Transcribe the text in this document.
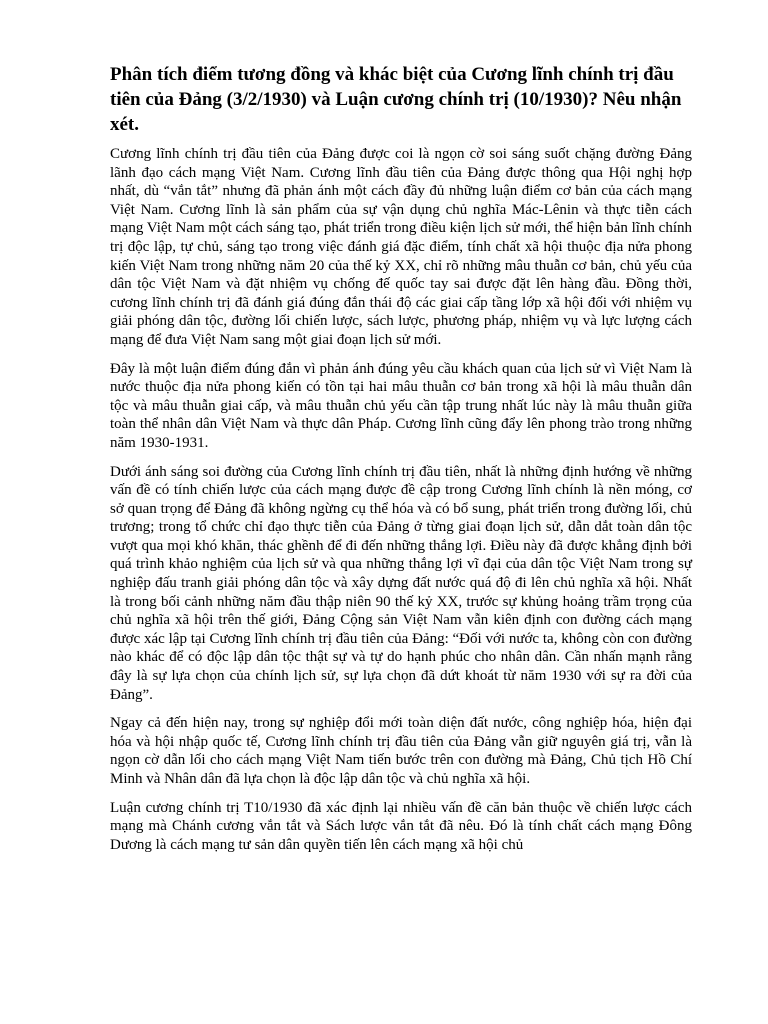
Phân tích điểm tương đồng và khác biệt của Cương lĩnh chính trị đầu tiên của Đảng (3/2/1930) và Luận cương chính trị (10/1930)? Nêu nhận xét.

Cương lĩnh chính trị đầu tiên của Đảng được coi là ngọn cờ soi sáng suốt chặng đường Đảng lãnh đạo cách mạng Việt Nam. Cương lĩnh đầu tiên của Đảng được thông qua Hội nghị hợp nhất, dù “vắn tắt” nhưng đã phản ánh một cách đầy đủ những luận điểm cơ bản của cách mạng Việt Nam. Cương lĩnh là sản phẩm của sự vận dụng chủ nghĩa Mác-Lênin và thực tiễn cách mạng Việt Nam một cách sáng tạo, phát triển trong điều kiện lịch sử mới, thể hiện bản lĩnh chính trị độc lập, tự chủ, sáng tạo trong việc đánh giá đặc điểm, tính chất xã hội thuộc địa nửa phong kiến Việt Nam trong những năm 20 của thế kỷ XX, chỉ rõ những mâu thuẫn cơ bản, chủ yếu của dân tộc Việt Nam và đặt nhiệm vụ chống đế quốc tay sai được đặt lên hàng đầu. Đồng thời, cương lĩnh chính trị đã đánh giá đúng đắn thái độ các giai cấp tầng lớp xã hội đối với nhiệm vụ giải phóng dân tộc, đường lối chiến lược, sách lược, phương pháp, nhiệm vụ và lực lượng cách mạng để đưa Việt Nam sang một giai đoạn lịch sử mới.

Đây là một luận điểm đúng đắn vì phản ánh đúng yêu cầu khách quan của lịch sử vì Việt Nam là nước thuộc địa nửa phong kiến có tồn tại hai mâu thuẫn cơ bản trong xã hội là mâu thuẫn dân tộc và mâu thuẫn giai cấp, và mâu thuẫn chủ yếu cần tập trung nhất lúc này là mâu thuẫn giữa toàn thể nhân dân Việt Nam và thực dân Pháp. Cương lĩnh cũng đẩy lên phong trào trong những năm 1930-1931.

Dưới ánh sáng soi đường của Cương lĩnh chính trị đầu tiên, nhất là những định hướng về những vấn đề có tính chiến lược của cách mạng được đề cập trong Cương lĩnh chính là nền móng, cơ sở quan trọng để Đảng đã không ngừng cụ thể hóa và có bổ sung, phát triển trong đường lối, chủ trương; trong tổ chức chỉ đạo thực tiễn của Đảng ở từng giai đoạn lịch sử, dẫn dắt toàn dân tộc vượt qua mọi khó khăn, thác ghềnh để đi đến những thắng lợi. Điều này đã được khẳng định bởi quá trình khảo nghiệm của lịch sử và qua những thắng lợi vĩ đại của dân tộc Việt Nam trong sự nghiệp đấu tranh giải phóng dân tộc và xây dựng đất nước quá độ đi lên chủ nghĩa xã hội. Nhất là trong bối cảnh những năm đầu thập niên 90 thế kỷ XX, trước sự khủng hoảng trầm trọng của chủ nghĩa xã hội trên thế giới, Đảng Cộng sản Việt Nam vẫn kiên định con đường cách mạng được xác lập tại Cương lĩnh chính trị đầu tiên của Đảng: “Đối với nước ta, không còn con đường nào khác để có độc lập dân tộc thật sự và tự do hạnh phúc cho nhân dân. Cần nhấn mạnh rằng đây là sự lựa chọn của chính lịch sử, sự lựa chọn đã dứt khoát từ năm 1930 với sự ra đời của Đảng”.

Ngay cả đến hiện nay, trong sự nghiệp đổi mới toàn diện đất nước, công nghiệp hóa, hiện đại hóa và hội nhập quốc tế, Cương lĩnh chính trị đầu tiên của Đảng vẫn giữ nguyên giá trị, vẫn là ngọn cờ dẫn lối cho cách mạng Việt Nam tiến bước trên con đường mà Đảng, Chủ tịch Hồ Chí Minh và Nhân dân đã lựa chọn là độc lập dân tộc và chủ nghĩa xã hội.

Luận cương chính trị T10/1930 đã xác định lại nhiều vấn đề căn bản thuộc về chiến lược cách mạng mà Chánh cương vắn tắt và Sách lược vắn tắt đã nêu. Đó là tính chất cách mạng Đông Dương là cách mạng tư sản dân quyền tiến lên cách mạng xã hội chủ
